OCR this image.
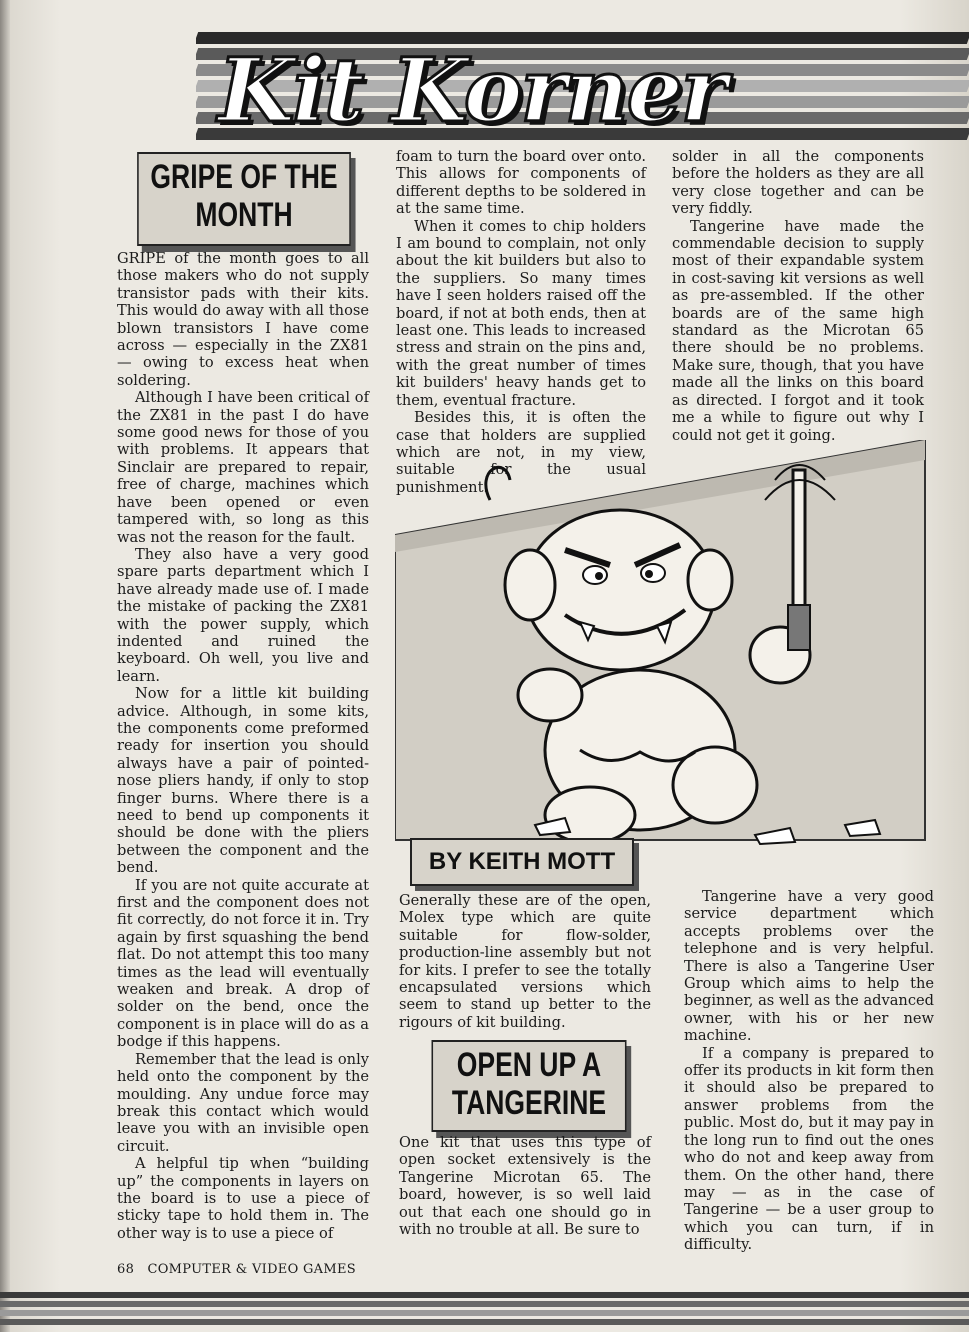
Kit Korner
GRIPE OF THE
MONTH

GRIPE of the month goes to all those makers who do not supply transistor pads with their kits. This would do away with all those blown transistors I have come across — especially in the ZX81 — owing to excess heat when soldering.

Although I have been critical of the ZX81 in the past I do have some good news for those of you with problems. It appears that Sinclair are prepared to repair, free of charge, machines which have been opened or even tampered with, so long as this was not the reason for the fault.

They also have a very good spare parts department which I have already made use of. I made the mistake of packing the ZX81 with the power supply, which indented and ruined the keyboard. Oh well, you live and learn.

Now for a little kit building advice. Although, in some kits, the components come preformed ready for insertion you should always have a pair of pointed-nose pliers handy, if only to stop finger burns. Where there is a need to bend up components it should be done with the pliers between the component and the bend.

If you are not quite accurate at first and the component does not fit correctly, do not force it in. Try again by first squashing the bend flat. Do not attempt this too many times as the lead will eventually weaken and break. A drop of solder on the bend, once the component is in place will do as a bodge if this happens.

Remember that the lead is only held onto the component by the moulding. Any undue force may break this contact which would leave you with an invisible open circuit.

A helpful tip when “building up” the components in layers on the board is to use a piece of sticky tape to hold them in. The other way is to use a piece of

foam to turn the board over onto. This allows for components of different depths to be soldered in at the same time.

When it comes to chip holders I am bound to complain, not only about the kit builders but also to the suppliers. So many times have I seen holders raised off the board, if not at both ends, then at least one. This leads to increased stress and strain on the pins and, with the great number of times kit builders' heavy hands get to them, eventual fracture.

Besides this, it is often the case that holders are supplied which are not, in my view, suitable for the usual punishment.

solder in all the components before the holders as they are all very close together and can be very fiddly.

Tangerine have made the commendable decision to supply most of their expandable system in cost-saving kit versions as well as pre-assembled. If the other boards are of the same high standard as the Microtan 65 there should be no problems. Make sure, though, that you have made all the links on this board as directed. I forgot and it took me a while to figure out why I could not get it going.

BY KEITH MOTT

Generally these are of the open, Molex type which are quite suitable for flow-solder, production-line assembly but not for kits. I prefer to see the totally encapsulated versions which seem to stand up better to the rigours of kit building.

OPEN UP A
TANGERINE

One kit that uses this type of open socket extensively is the Tangerine Microtan 65. The board, however, is so well laid out that each one should go in with no trouble at all. Be sure to

Tangerine have a very good service department which accepts problems over the telephone and is very helpful. There is also a Tangerine User Group which aims to help the beginner, as well as the advanced owner, with his or her new machine.

If a company is prepared to offer its products in kit form then it should also be prepared to answer problems from the public. Most do, but it may pay in the long run to find out the ones who do not and keep away from them. On the other hand, there may — as in the case of Tangerine — be a user group to which you can turn, if in difficulty.

68 COMPUTER & VIDEO GAMES
